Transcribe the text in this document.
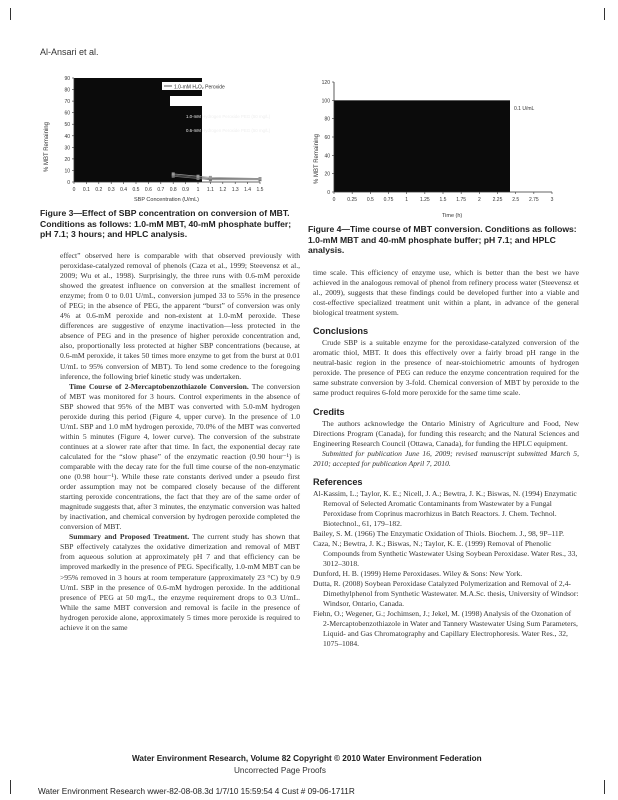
Al-Ansari et al.
% MBT Remaining
SBP Concentration (U/mL)
0
10
20
30
40
50
60
70
80
90
0 0.1 0.2 0.3 0.4 0.5 0.6 0.7 0.8 0.9 1 1.1 1.2 1.3 1.4 1.5
1.0-mM H₂O₂ Peroxide
1.0-mM Hydrogen Peroxide PEG (50 mg/L)
0.6-mM Hydrogen Peroxide PEG (50 mg/L)
Figure 3—Effect of SBP concentration on conversion of MBT. Conditions as follows: 1.0-mM MBT, 40-mM phosphate buffer; pH 7.1; 3 hours; and HPLC analysis.
% MBT Remaining
Time (h)
0
20
40
60
80
100
120
0 0.25 0.5 0.75 1 1.25 1.5 1.75 2 2.25 2.5 2.75 3
0.1 U/mL
Figure 4—Time course of MBT conversion. Conditions as follows: 1.0-mM MBT and 40-mM phosphate buffer; pH 7.1; and HPLC analysis.

effect” observed here is comparable with that observed previously with peroxidase-catalyzed removal of phenols (Caza et al., 1999; Steevensz et al., 2009; Wu et al., 1998). Surprisingly, the three runs with 0.6-mM peroxide showed the greatest influence on conversion at the smallest increment of enzyme; from 0 to 0.01 U/mL, conversion jumped 33 to 55% in the presence of PEG; in the absence of PEG, the apparent “burst” of conversion was only 4% at 0.6-mM peroxide and non-existent at 1.0-mM peroxide. These differences are suggestive of enzyme inactivation—less protected in the absence of PEG and in the presence of higher peroxide concentration and, also, proportionally less protected at higher SBP concentrations (because, at 0.6-mM peroxide, it takes 50 times more enzyme to get from the burst at 0.01 U/mL to 95% conversion of MBT). To lend some credence to the foregoing inference, the following brief kinetic study was undertaken.

Time Course of 2-Mercaptobenzothiazole Conversion. The conversion of MBT was monitored for 3 hours. Control experiments in the absence of SBP showed that 95% of the MBT was converted with 5.0-mM hydrogen peroxide during this period (Figure 4, upper curve). In the presence of 1.0 U/mL SBP and 1.0 mM hydrogen peroxide, 70.0% of the MBT was converted within 5 minutes (Figure 4, lower curve). The conversion of the substrate continues at a slower rate after that time. In fact, the exponential decay rate calculated for the “slow phase” of the enzymatic reaction (0.90 hour⁻¹) is comparable with the decay rate for the full time course of the non-enzymatic one (0.98 hour⁻¹). While these rate constants derived under a pseudo first order assumption may not be compared closely because of the different starting peroxide concentrations, the fact that they are of the same order of magnitude suggests that, after 3 minutes, the enzymatic conversion was halted by inactivation, and chemical conversion by hydrogen peroxide completed the conversion of MBT.

Summary and Proposed Treatment. The current study has shown that SBP effectively catalyzes the oxidative dimerization and removal of MBT from aqueous solution at approximately pH 7 and that efficiency can be improved markedly in the presence of PEG. Specifically, 1.0-mM MBT can be >95% removed in 3 hours at room temperature (approximately 23 °C) by 0.9 U/mL SBP in the presence of 0.6-mM hydrogen peroxide. In the additional presence of PEG at 50 mg/L, the enzyme requirement drops to 0.3 U/mL. While the same MBT conversion and removal is facile in the presence of hydrogen peroxide alone, approximately 5 times more peroxide is required to achieve it on the same

time scale. This efficiency of enzyme use, which is better than the best we have achieved in the analogous removal of phenol from refinery process water (Steevensz et al., 2009), suggests that these findings could be developed further into a viable and cost-effective specialized treatment unit within a plant, in advance of the general biological treatment system.

Conclusions

Crude SBP is a suitable enzyme for the peroxidase-catalyzed conversion of the aromatic thiol, MBT. It does this effectively over a fairly broad pH range in the neutral-basic region in the presence of near-stoichiometric amounts of hydrogen peroxide. The presence of PEG can reduce the enzyme concentration required for the same substrate conversion by 3-fold. Chemical conversion of MBT by peroxide to the same product requires 6-fold more peroxide for the same time scale.

Credits

The authors acknowledge the Ontario Ministry of Agriculture and Food, New Directions Program (Canada), for funding this research; and the Natural Sciences and Engineering Research Council (Ottawa, Canada), for funding the HPLC equipment.

Submitted for publication June 16, 2009; revised manuscript submitted March 5, 2010; accepted for publication April 7, 2010.

References

Al-Kassim, L.; Taylor, K. E.; Nicell, J. A.; Bewtra, J. K.; Biswas, N. (1994) Enzymatic Removal of Selected Aromatic Contaminants from Wastewater by a Fungal Peroxidase from Coprinus macrorhizus in Batch Reactors. J. Chem. Technol. Biotechnol., 61, 179–182.

Bailey, S. M. (1966) The Enzymatic Oxidation of Thiols. Biochem. J., 98, 9P–11P.

Caza, N.; Bewtra, J. K.; Biswas, N.; Taylor, K. E. (1999) Removal of Phenolic Compounds from Synthetic Wastewater Using Soybean Peroxidase. Water Res., 33, 3012–3018.

Dunford, H. B. (1999) Heme Peroxidases. Wiley & Sons: New York.

Dutta, R. (2008) Soybean Peroxidase Catalyzed Polymerization and Removal of 2,4-Dimethylphenol from Synthetic Wastewater. M.A.Sc. thesis, University of Windsor: Windsor, Ontario, Canada.

Fiehn, O.; Wegener, G.; Jochimsen, J.; Jekel, M. (1998) Analysis of the Ozonation of 2-Mercaptobenzothiazole in Water and Tannery Wastewater Using Sum Parameters, Liquid- and Gas Chromatography and Capillary Electrophoresis. Water Res., 32, 1075–1084.

Water Environment Research, Volume 82 Copyright © 2010 Water Environment Federation
Uncorrected Page Proofs
Water Environment Research wwer-82-08-08.3d 1/7/10 15:59:54 4 Cust # 09-06-1711R
